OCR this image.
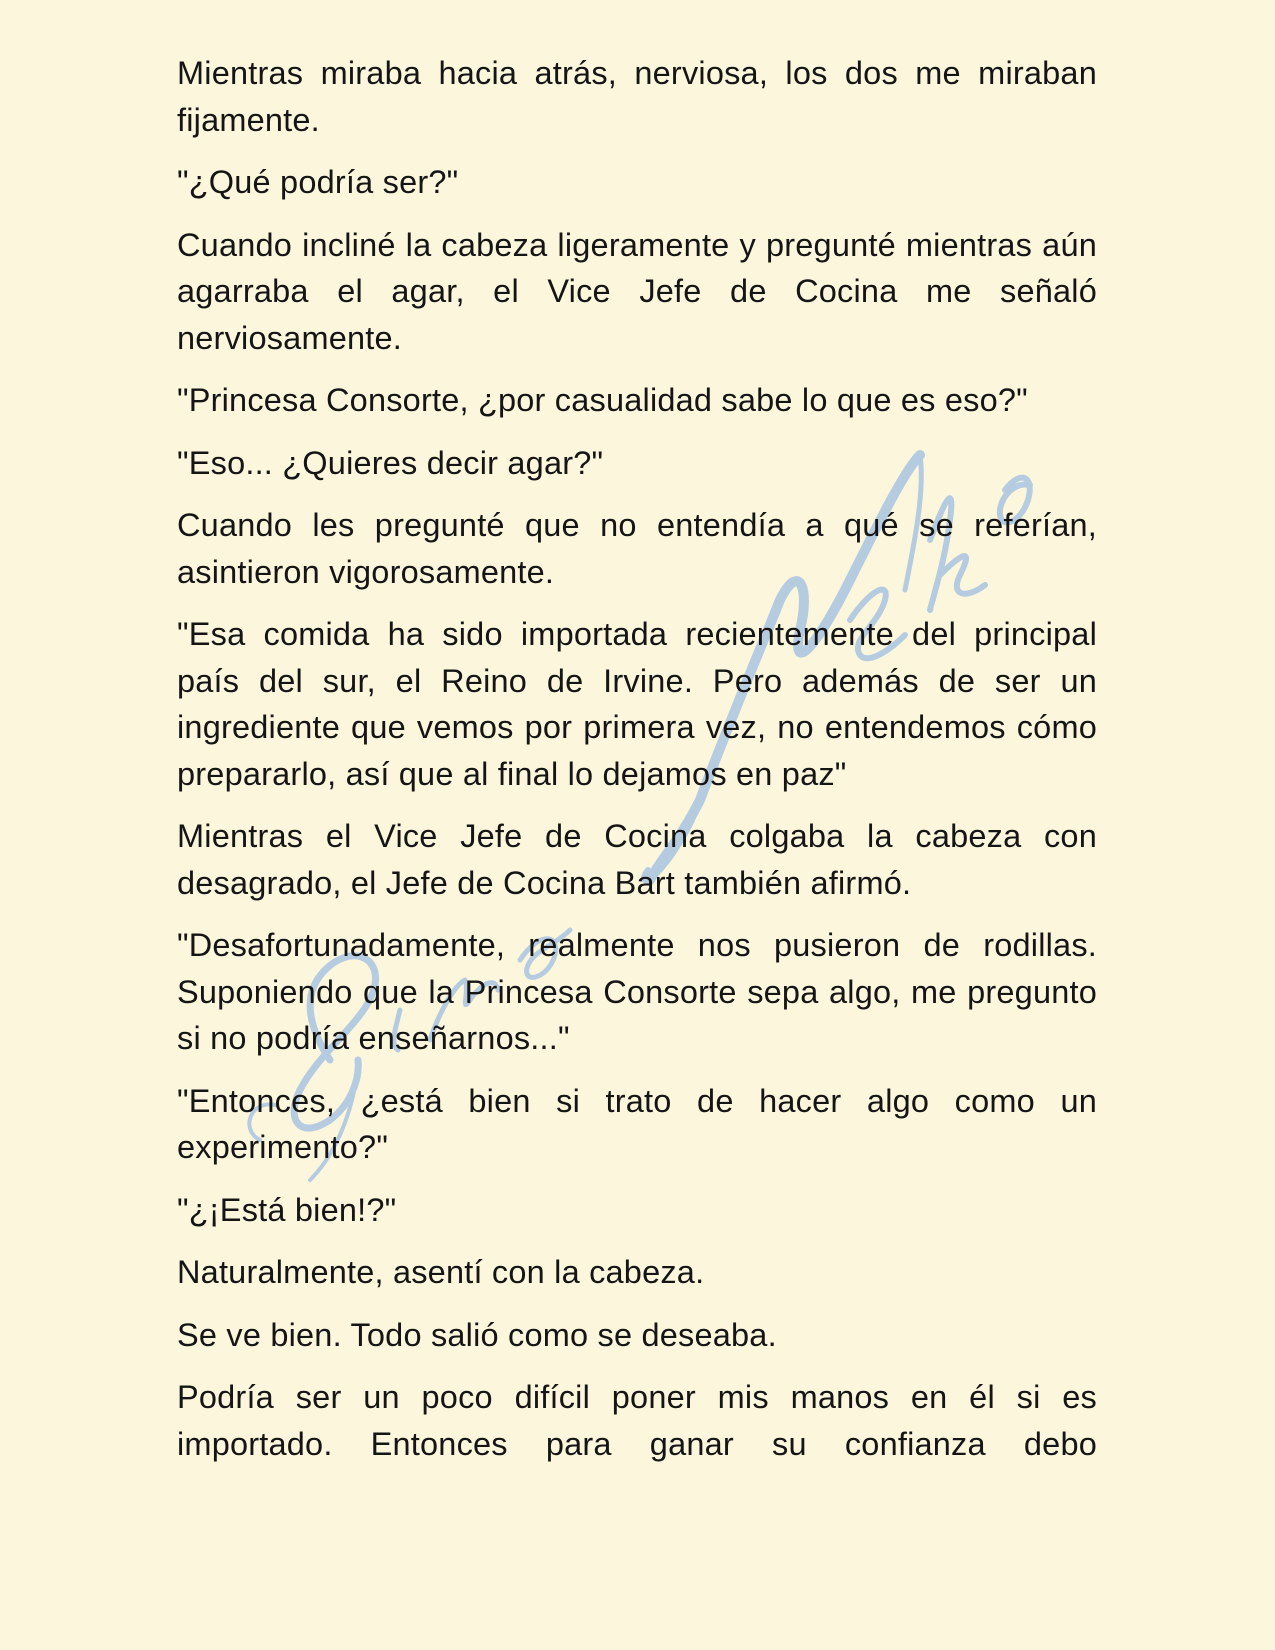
Mientras miraba hacia atrás, nerviosa, los dos me miraban fijamente.

"¿Qué podría ser?"

Cuando incliné la cabeza ligeramente y pregunté mientras aún agarraba el agar, el Vice Jefe de Cocina me señaló nerviosamente.

"Princesa Consorte, ¿por casualidad sabe lo que es eso?"

"Eso... ¿Quieres decir agar?"

Cuando les pregunté que no entendía a qué se referían, asintieron vigorosamente.

"Esa comida ha sido importada recientemente del principal país del sur, el Reino de Irvine. Pero además de ser un ingrediente que vemos por primera vez, no entendemos cómo prepararlo, así que al final lo dejamos en paz"

Mientras el Vice Jefe de Cocina colgaba la cabeza con desagrado, el Jefe de Cocina Bart también afirmó.

"Desafortunadamente, realmente nos pusieron de rodillas. Suponiendo que la Princesa Consorte sepa algo, me pregunto si no podría enseñarnos..."

"Entonces, ¿está bien si trato de hacer algo como un experimento?"

"¿¡Está bien!?"

Naturalmente, asentí con la cabeza.

Se ve bien. Todo salió como se deseaba.

Podría ser un poco difícil poner mis manos en él si es importado. Entonces para ganar su confianza debo
